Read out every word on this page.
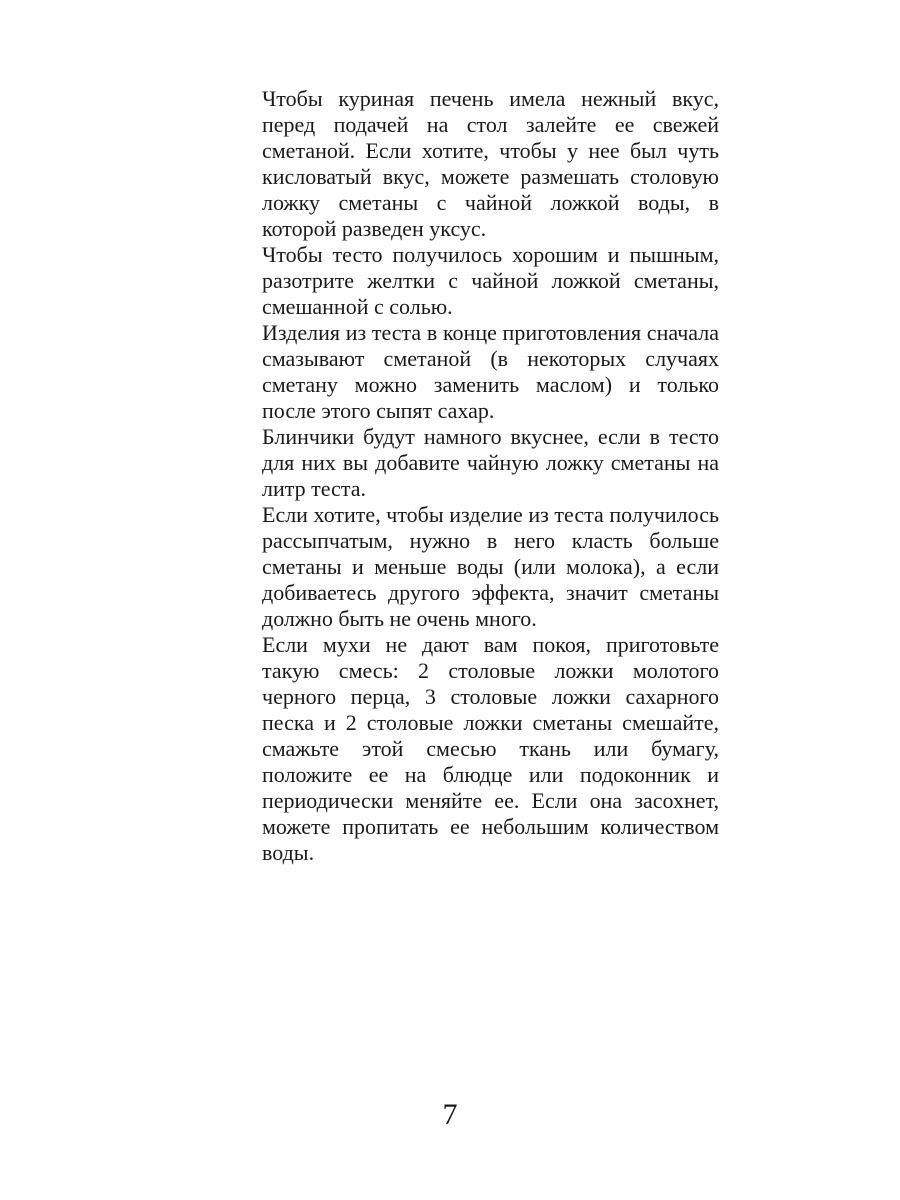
Чтобы куриная печень имела нежный вкус, перед подачей на стол залейте ее свежей сметаной. Если хотите, чтобы у нее был чуть кисловатый вкус, можете размешать столовую ложку сметаны с чайной ложкой воды, в которой разведен уксус.

Чтобы тесто получилось хорошим и пышным, разотрите желтки с чайной ложкой сметаны, смешанной с солью.

Изделия из теста в конце приготовления сначала смазывают сметаной (в некоторых случаях сметану можно заменить маслом) и только после этого сыпят сахар.

Блинчики будут намного вкуснее, если в тесто для них вы добавите чайную ложку сметаны на литр теста.

Если хотите, чтобы изделие из теста получилось рассыпчатым, нужно в него класть больше сметаны и меньше воды (или молока), а если добиваетесь другого эффекта, значит сметаны должно быть не очень много.

Если мухи не дают вам покоя, приготовьте такую смесь: 2 столовые ложки молотого черного перца, 3 столовые ложки сахарного песка и 2 столовые ложки сметаны смешайте, смажьте этой смесью ткань или бумагу, положите ее на блюдце или подоконник и периодически меняйте ее. Если она засохнет, можете пропитать ее небольшим количеством воды.

7
